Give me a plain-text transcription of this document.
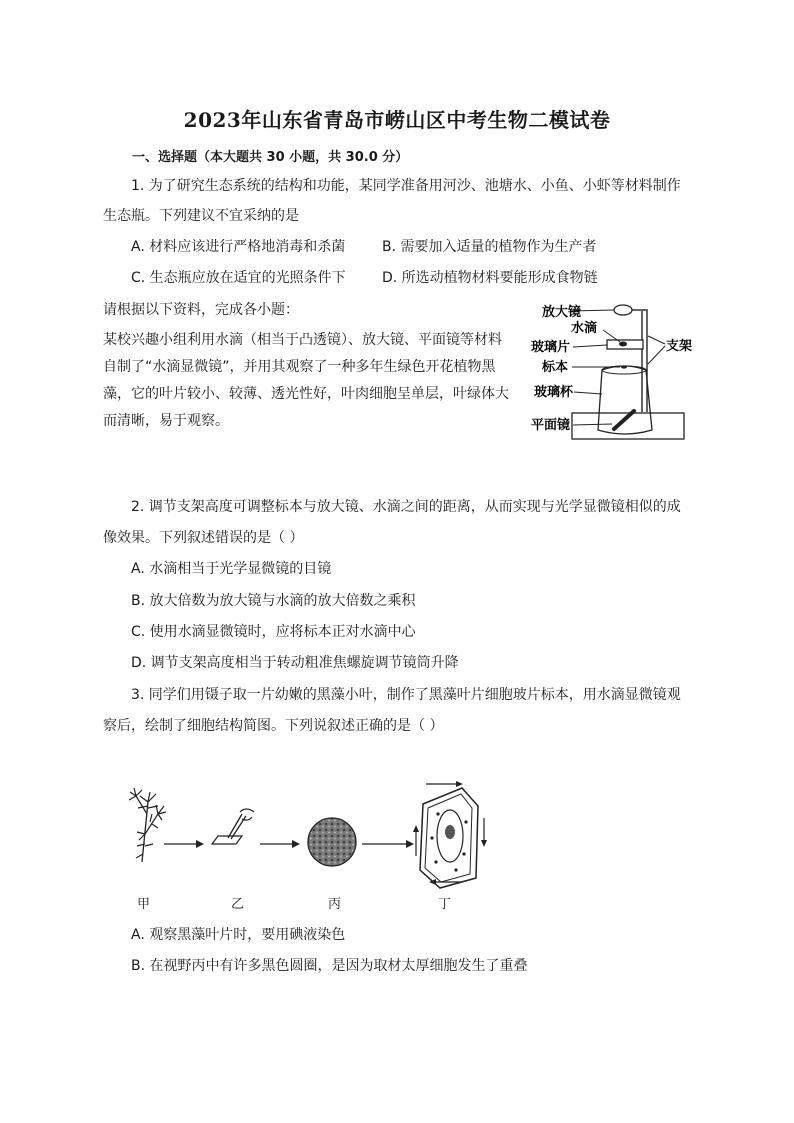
2023年山东省青岛市崂山区中考生物二模试卷
一、选择题（本大题共 30 小题，共 30.0 分）
1. 为了研究生态系统的结构和功能，某同学准备用河沙、池塘水、小鱼、小虾等材料制作
生态瓶。下列建议不宜采纳的是
A. 材料应该进行严格地消毒和杀菌	B. 需要加入适量的植物作为生产者
C. 生态瓶应放在适宜的光照条件下	D. 所选动植物材料要能形成食物链
请根据以下资料，完成各小题：
某校兴趣小组利用水滴（相当于凸透镜）、放大镜、平面镜等材料自制了“水滴显微镜”，并用其观察了一种多年生绿色开花植物黑藻，它的叶片较小、较薄、透光性好，叶肉细胞呈单层，叶绿体大而清晰，易于观察。
放大镜
水滴
玻璃片
标本
玻璃杯
平面镜
支架
2. 调节支架高度可调整标本与放大镜、水滴之间的距离，从而实现与光学显微镜相似的成
像效果。下列叙述错误的是（ ）
A. 水滴相当于光学显微镜的目镜
B. 放大倍数为放大镜与水滴的放大倍数之乘积
C. 使用水滴显微镜时，应将标本正对水滴中心
D. 调节支架高度相当于转动粗准焦螺旋调节镜筒升降
3. 同学们用镊子取一片幼嫩的黑藻小叶，制作了黑藻叶片细胞玻片标本，用水滴显微镜观
察后，绘制了细胞结构简图。下列说叙述正确的是（ ）
甲	乙	丙	丁
A. 观察黑藻叶片时，要用碘液染色
B. 在视野丙中有许多黑色圆圈，是因为取材太厚细胞发生了重叠
